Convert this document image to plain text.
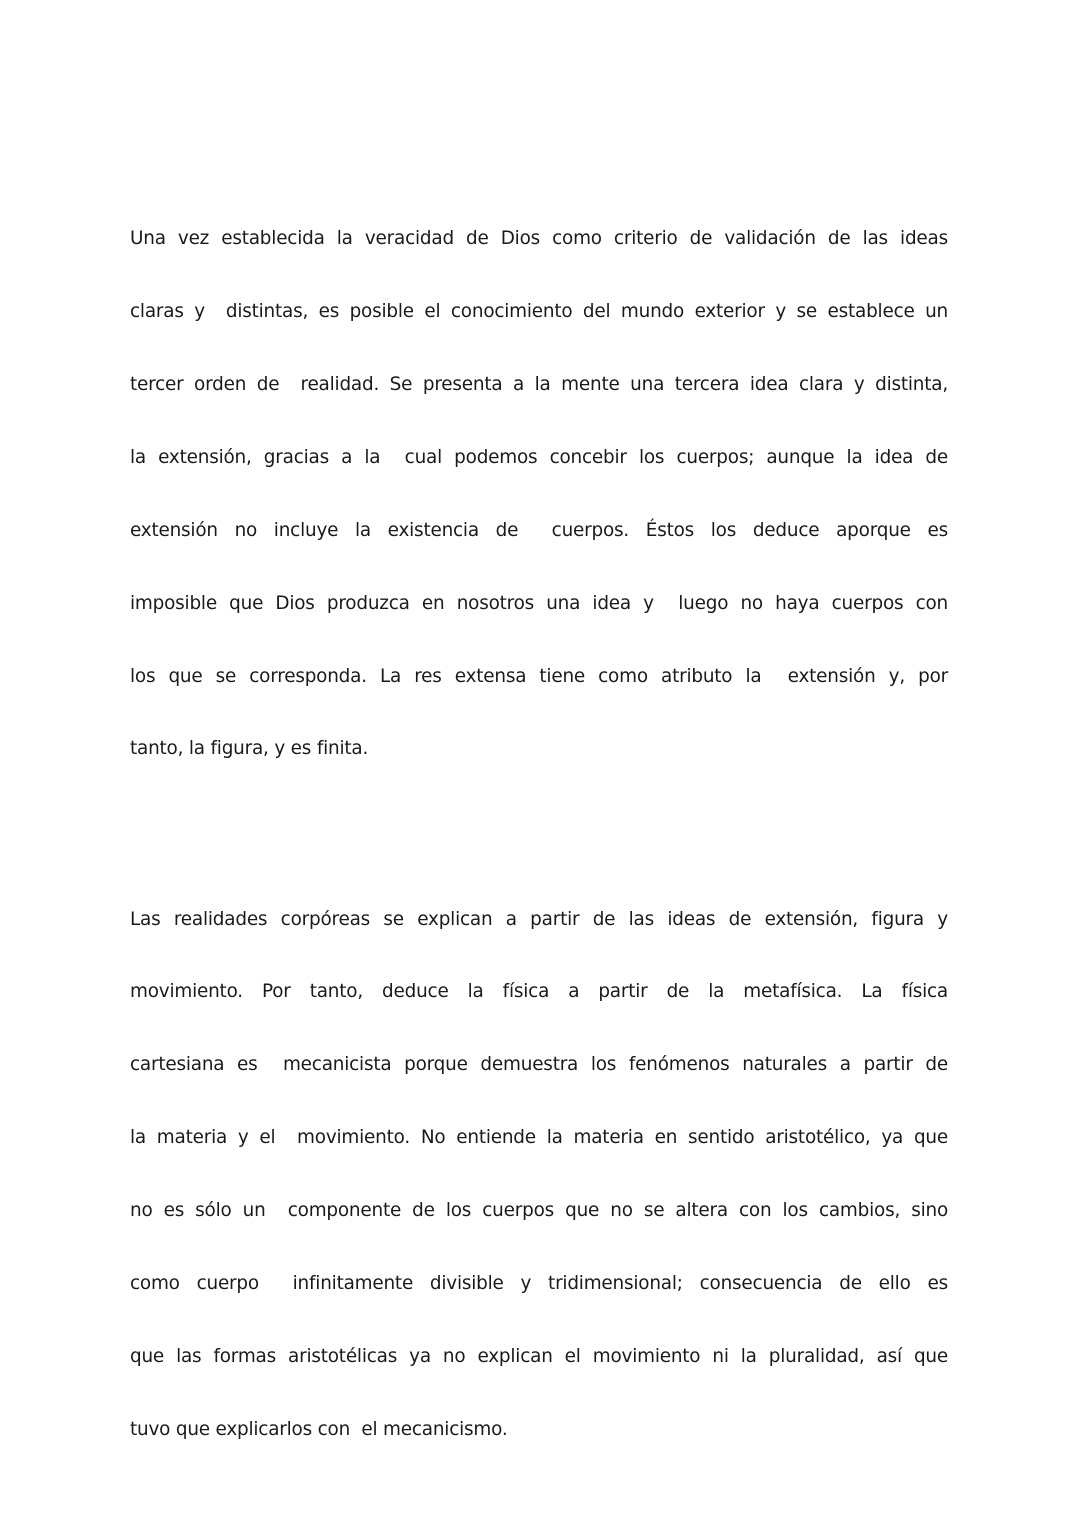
Una vez establecida la veracidad de Dios como criterio de validación de las ideas

claras y  distintas, es posible el conocimiento del mundo exterior y se establece un

tercer orden de  realidad. Se presenta a la mente una tercera idea clara y distinta,

la extensión, gracias a la  cual podemos concebir los cuerpos; aunque la idea de

extensión no incluye la existencia de  cuerpos. Éstos los deduce aporque es

imposible que Dios produzca en nosotros una idea y  luego no haya cuerpos con

los que se corresponda. La res extensa tiene como atributo la  extensión y, por

tanto, la figura, y es finita.

Las realidades corpóreas se explican a partir de las ideas de extensión, figura y

movimiento. Por tanto, deduce la física a partir de la metafísica. La física

cartesiana es  mecanicista porque demuestra los fenómenos naturales a partir de

la materia y el  movimiento. No entiende la materia en sentido aristotélico, ya que

no es sólo un  componente de los cuerpos que no se altera con los cambios, sino

como cuerpo  infinitamente divisible y tridimensional; consecuencia de ello es

que las formas aristotélicas ya no explican el movimiento ni la pluralidad, así que

tuvo que explicarlos con  el mecanicismo.
